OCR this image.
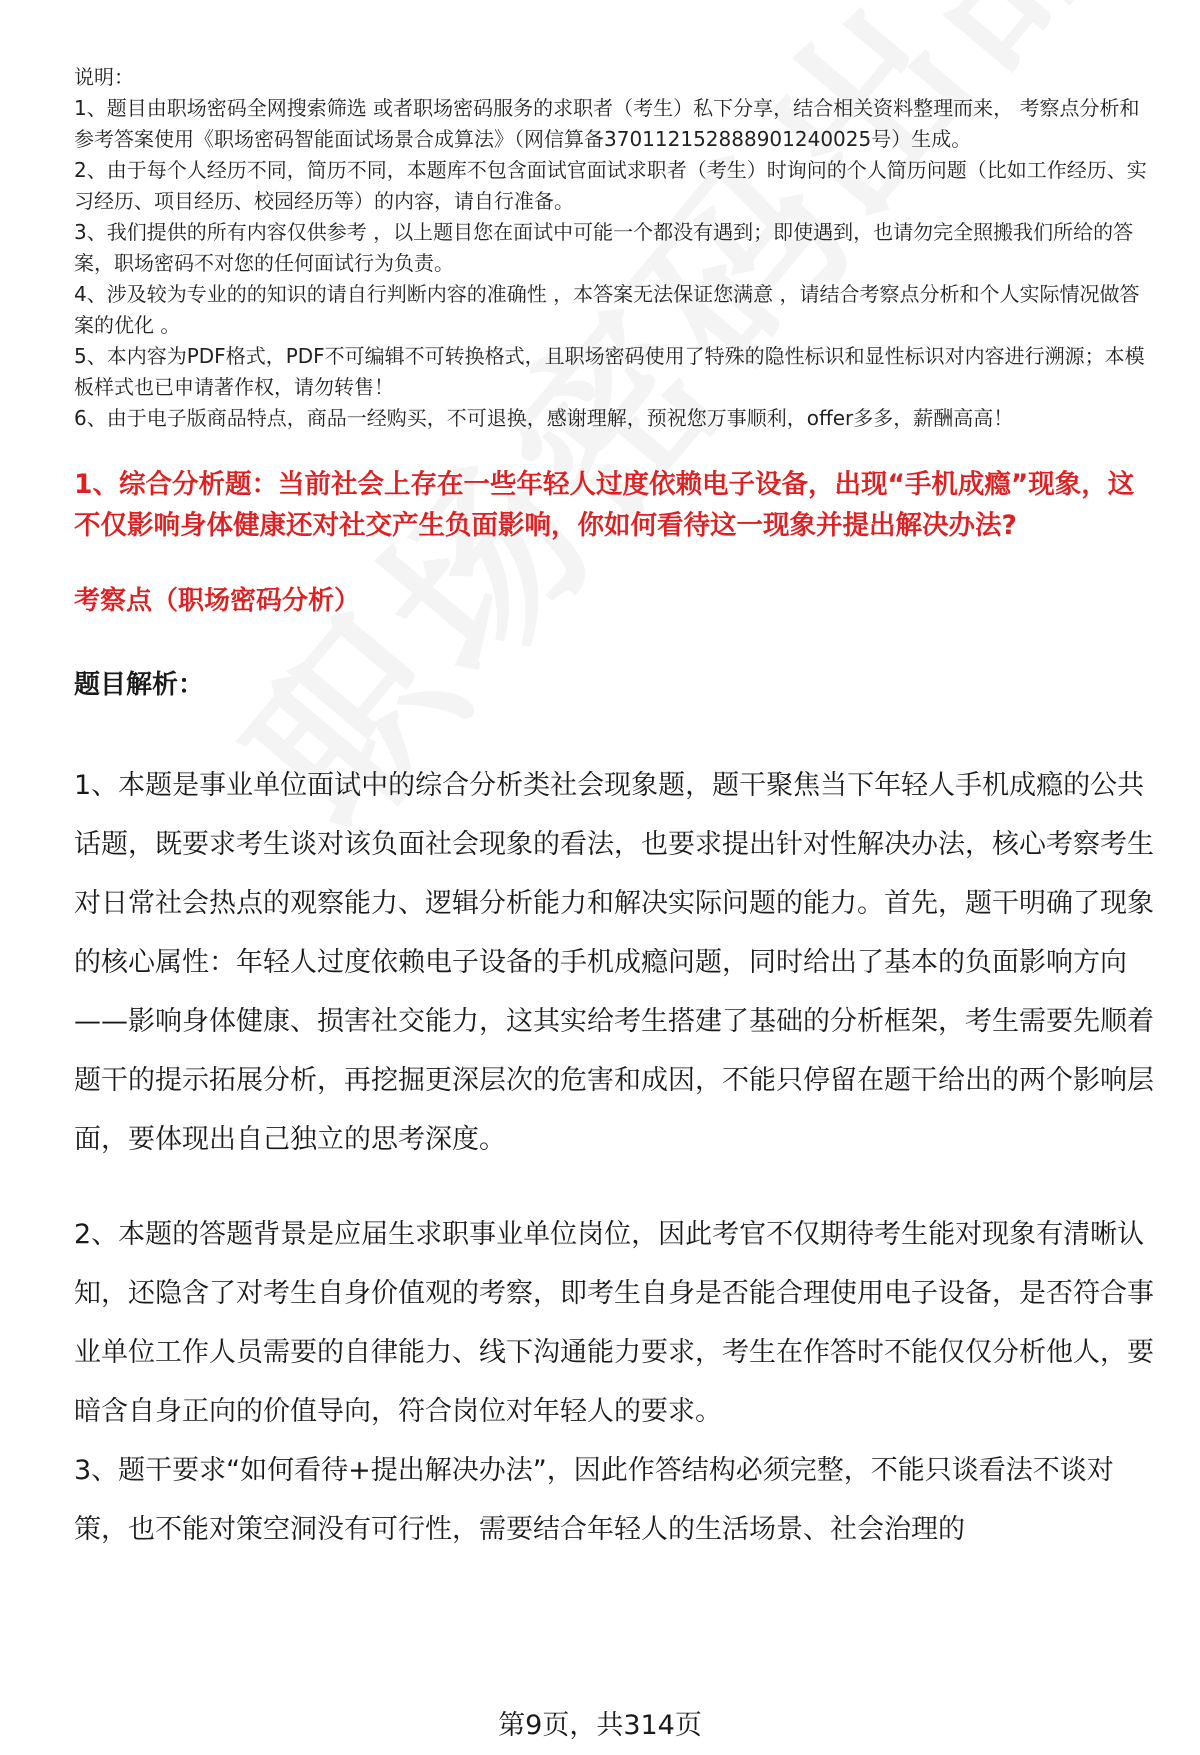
说明：

1、题目由职场密码全网搜索筛选 或者职场密码服务的求职者（考生）私下分享，结合相关资料整理而来， 考察点分析和参考答案使用《职场密码智能面试场景合成算法》（网信算备370112152888901240025号）生成。

2、由于每个人经历不同，简历不同，本题库不包含面试官面试求职者（考生）时询问的个人简历问题（比如工作经历、实习经历、项目经历、校园经历等）的内容，请自行准备。

3、我们提供的所有内容仅供参考 ，以上题目您在面试中可能一个都没有遇到；即使遇到，也请勿完全照搬我们所给的答案，职场密码不对您的任何面试行为负责。

4、涉及较为专业的的知识的请自行判断内容的准确性 ，本答案无法保证您满意 ，请结合考察点分析和个人实际情况做答案的优化 。

5、本内容为PDF格式，PDF不可编辑不可转换格式，且职场密码使用了特殊的隐性标识和显性标识对内容进行溯源；本模板样式也已申请著作权，请勿转售！

6、由于电子版商品特点，商品一经购买，不可退换，感谢理解，预祝您万事顺利，offer多多，薪酬高高！

1、综合分析题：当前社会上存在一些年轻人过度依赖电子设备，出现“手机成瘾”现象，这不仅影响身体健康还对社交产生负面影响，你如何看待这一现象并提出解决办法?
考察点（职场密码分析）
题目解析：

1、本题是事业单位面试中的综合分析类社会现象题，题干聚焦当下年轻人手机成瘾的公共话题，既要求考生谈对该负面社会现象的看法，也要求提出针对性解决办法，核心考察考生对日常社会热点的观察能力、逻辑分析能力和解决实际问题的能力。首先，题干明确了现象的核心属性：年轻人过度依赖电子设备的手机成瘾问题，同时给出了基本的负面影响方向——影响身体健康、损害社交能力，这其实给考生搭建了基础的分析框架，考生需要先顺着题干的提示拓展分析，再挖掘更深层次的危害和成因，不能只停留在题干给出的两个影响层面，要体现出自己独立的思考深度。

2、本题的答题背景是应届生求职事业单位岗位，因此考官不仅期待考生能对现象有清晰认知，还隐含了对考生自身价值观的考察，即考生自身是否能合理使用电子设备，是否符合事业单位工作人员需要的自律能力、线下沟通能力要求，考生在作答时不能仅仅分析他人，要暗含自身正向的价值导向，符合岗位对年轻人的要求。

3、题干要求“如何看待+提出解决办法”，因此作答结构必须完整，不能只谈看法不谈对策，也不能对策空洞没有可行性，需要结合年轻人的生活场景、社会治理的

第9页，共314页
